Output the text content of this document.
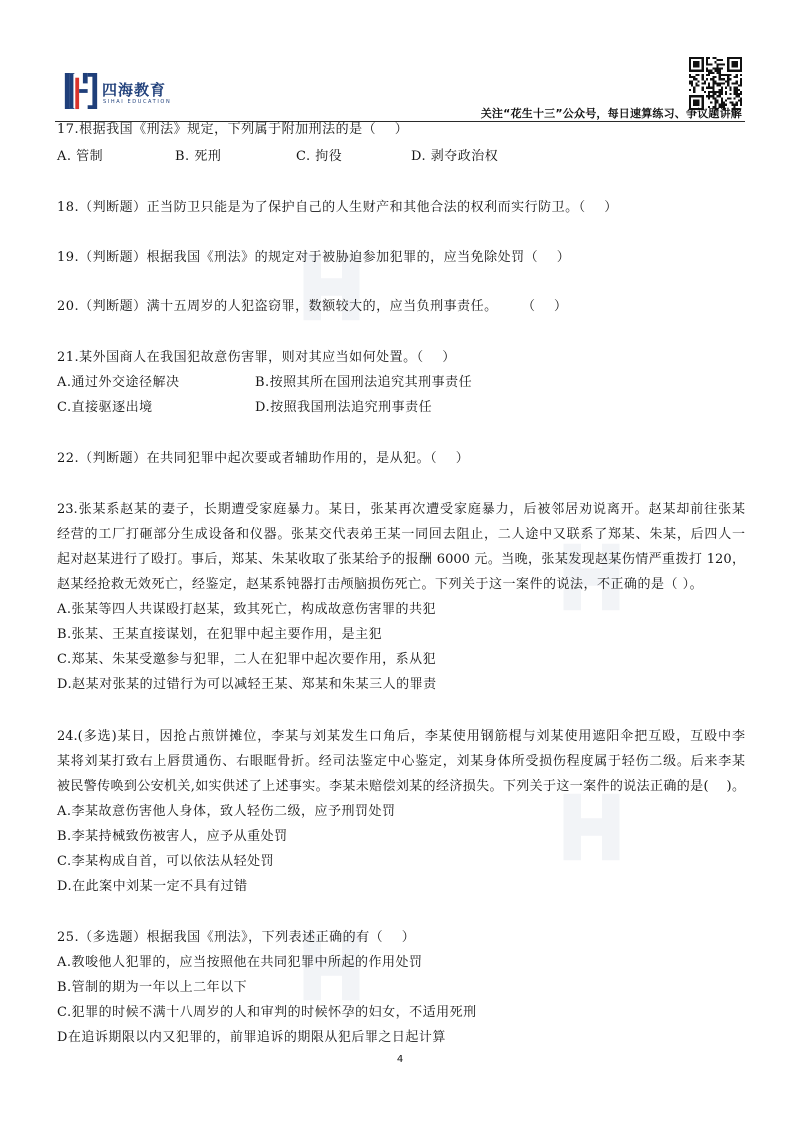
四海教育
SIHAI EDUCATION
关注“花生十三”公众号，每日速算练习、争议题讲解
17.根据我国《刑法》规定，下列属于附加刑法的是（    ）
A. 管制	B. 死刑	C. 拘役	D. 剥夺政治权
18.（判断题）正当防卫只能是为了保护自己的人生财产和其他合法的权利而实行防卫。（    ）
19.（判断题）根据我国《刑法》的规定对于被胁迫参加犯罪的，应当免除处罚（    ）
20.（判断题）满十五周岁的人犯盗窃罪，数额较大的，应当负刑事责任。 （    ）
21.某外国商人在我国犯故意伤害罪，则对其应当如何处置。（    ）
A.通过外交途径解决	B.按照其所在国刑法追究其刑事责任
C.直接驱逐出境	D.按照我国刑法追究刑事责任
22.（判断题）在共同犯罪中起次要或者辅助作用的，是从犯。（    ）
23.张某系赵某的妻子，长期遭受家庭暴力。某日，张某再次遭受家庭暴力，后被邻居劝说离开。赵某却前往张某
经营的工厂打砸部分生成设备和仪器。张某交代表弟王某一同回去阻止，二人途中又联系了郑某、朱某，后四人一
起对赵某进行了殴打。事后，郑某、朱某收取了张某给予的报酬 6000 元。当晚，张某发现赵某伤情严重拨打 120，
赵某经抢救无效死亡，经鉴定，赵某系钝器打击颅脑损伤死亡。下列关于这一案件的说法，不正确的是（ ）。
A.张某等四人共谋殴打赵某，致其死亡，构成故意伤害罪的共犯
B.张某、王某直接谋划，在犯罪中起主要作用，是主犯
C.郑某、朱某受邀参与犯罪，二人在犯罪中起次要作用，系从犯
D.赵某对张某的过错行为可以减轻王某、郑某和朱某三人的罪责
24.(多选)某日，因抢占煎饼摊位，李某与刘某发生口角后，李某使用钢筋棍与刘某使用遮阳伞把互殴，互殴中李
某将刘某打致右上唇贯通伤、右眼眶骨折。经司法鉴定中心鉴定，刘某身体所受损伤程度属于轻伤二级。后来李某
被民警传唤到公安机关,如实供述了上述事实。李某未赔偿刘某的经济损失。下列关于这一案件的说法正确的是(    )。
A.李某故意伤害他人身体，致人轻伤二级，应予刑罚处罚
B.李某持械致伤被害人，应予从重处罚
C.李某构成自首，可以依法从轻处罚
D.在此案中刘某一定不具有过错
25.（多选题）根据我国《刑法》，下列表述正确的有（    ）
A.教唆他人犯罪的，应当按照他在共同犯罪中所起的作用处罚
B.管制的期为一年以上二年以下
C.犯罪的时候不满十八周岁的人和审判的时候怀孕的妇女，不适用死刑
D在追诉期限以内又犯罪的，前罪追诉的期限从犯后罪之日起计算
4
